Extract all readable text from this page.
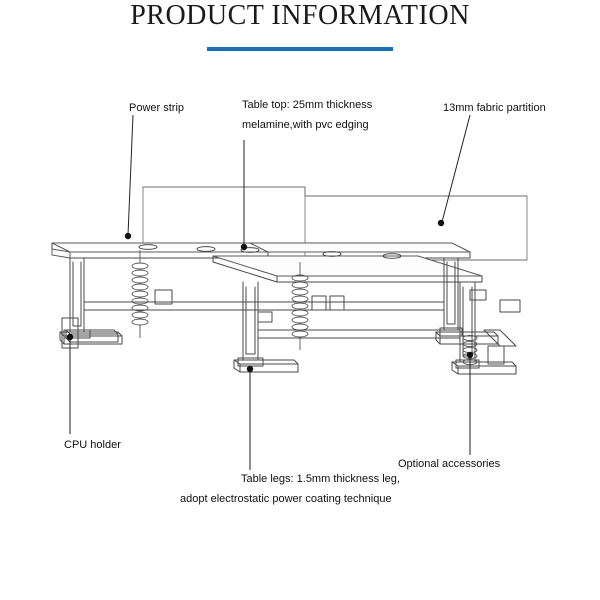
PRODUCT INFORMATION
Power strip	Table top: 25mm thickness
melamine,with pvc edging
13mm fabric partition
CPU holder
Table legs: 1.5mm thickness leg,
adopt electrostatic power coating technique
Optional accessories
